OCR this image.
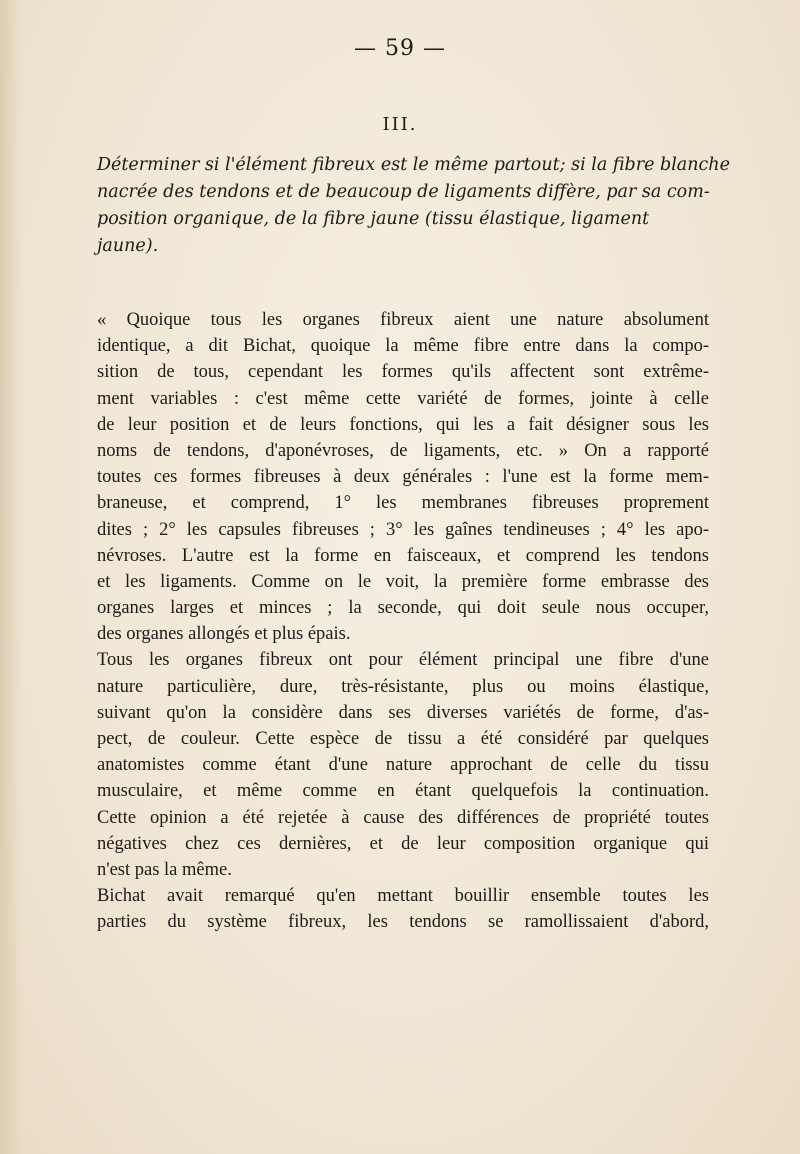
— 59 —
III.
Déterminer si l'élément fibreux est le même partout; si la fibre blanche
nacrée des tendons et de beaucoup de ligaments diffère, par sa com-
position organique, de la fibre jaune (tissu élastique, ligament
jaune).
« Quoique tous les organes fibreux aient une nature absolument
identique, a dit Bichat, quoique la même fibre entre dans la compo-
sition de tous, cependant les formes qu'ils affectent sont extrême-
ment variables : c'est même cette variété de formes, jointe à celle
de leur position et de leurs fonctions, qui les a fait désigner sous les
noms de tendons, d'aponévroses, de ligaments, etc. » On a rapporté
toutes ces formes fibreuses à deux générales : l'une est la forme mem-
braneuse, et comprend, 1° les membranes fibreuses proprement
dites ; 2° les capsules fibreuses ; 3° les gaînes tendineuses ; 4° les apo-
névroses. L'autre est la forme en faisceaux, et comprend les tendons
et les ligaments. Comme on le voit, la première forme embrasse des
organes larges et minces ; la seconde, qui doit seule nous occuper,
des organes allongés et plus épais.
Tous les organes fibreux ont pour élément principal une fibre d'une
nature particulière, dure, très-résistante, plus ou moins élastique,
suivant qu'on la considère dans ses diverses variétés de forme, d'as-
pect, de couleur. Cette espèce de tissu a été considéré par quelques
anatomistes comme étant d'une nature approchant de celle du tissu
musculaire, et même comme en étant quelquefois la continuation.
Cette opinion a été rejetée à cause des différences de propriété toutes
négatives chez ces dernières, et de leur composition organique qui
n'est pas la même.
Bichat avait remarqué qu'en mettant bouillir ensemble toutes les
parties du système fibreux, les tendons se ramollissaient d'abord,
